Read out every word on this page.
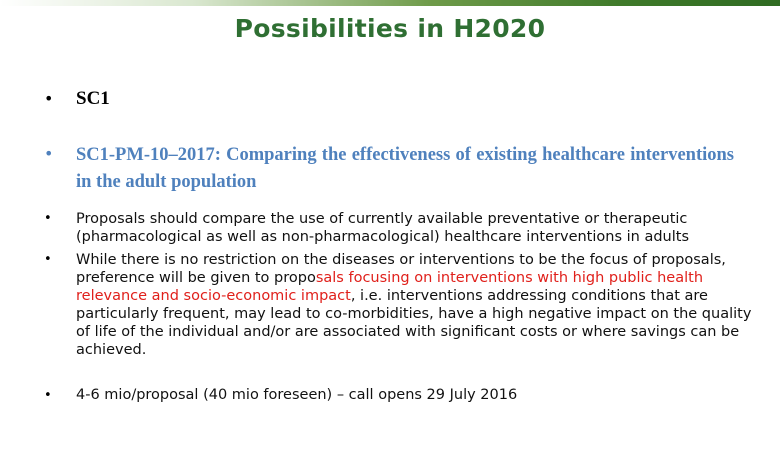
Possibilities in H2020
• SC1
• SC1-PM-10–2017: Comparing the effectiveness of existing healthcare interventions in the adult population
• Proposals should compare the use of currently available preventative or therapeutic (pharmacological as well as non-pharmacological) healthcare interventions in adults
• While there is no restriction on the diseases or interventions to be the focus of proposals, preference will be given to proposals focusing on interventions with high public health relevance and socio-economic impact, i.e. interventions addressing conditions that are particularly frequent, may lead to co-morbidities, have a high negative impact on the quality of life of the individual and/or are associated with significant costs or where savings can be achieved.
• 4-6 mio/proposal (40 mio foreseen) – call opens 29 July 2016
